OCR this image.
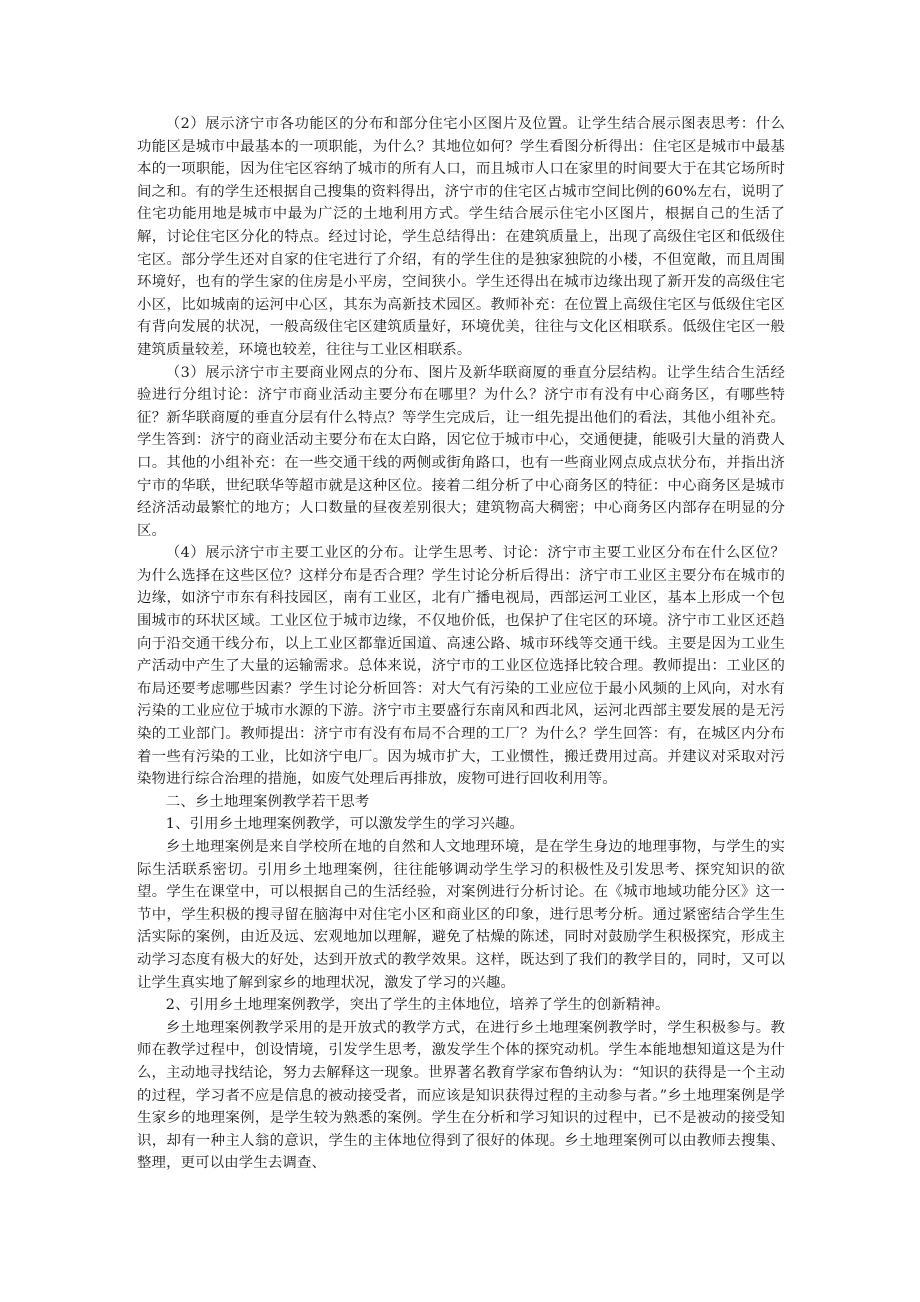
（2）展示济宁市各功能区的分布和部分住宅小区图片及位置。让学生结合展示图表思考：什么功能区是城市中最基本的一项职能，为什么？其地位如何？学生看图分析得出：住宅区是城市中最基本的一项职能，因为住宅区容纳了城市的所有人口，而且城市人口在家里的时间要大于在其它场所时间之和。有的学生还根据自己搜集的资料得出，济宁市的住宅区占城市空间比例的60%左右，说明了住宅功能用地是城市中最为广泛的土地利用方式。学生结合展示住宅小区图片，根据自己的生活了解，讨论住宅区分化的特点。经过讨论，学生总结得出：在建筑质量上，出现了高级住宅区和低级住宅区。部分学生还对自家的住宅进行了介绍，有的学生住的是独家独院的小楼，不但宽敞，而且周围环境好，也有的学生家的住房是小平房，空间狭小。学生还得出在城市边缘出现了新开发的高级住宅小区，比如城南的运河中心区，其东为高新技术园区。教师补充：在位置上高级住宅区与低级住宅区有背向发展的状况，一般高级住宅区建筑质量好，环境优美，往往与文化区相联系。低级住宅区一般建筑质量较差，环境也较差，往往与工业区相联系。

（3）展示济宁市主要商业网点的分布、图片及新华联商厦的垂直分层结构。让学生结合生活经验进行分组讨论：济宁市商业活动主要分布在哪里？为什么？济宁市有没有中心商务区，有哪些特征？新华联商厦的垂直分层有什么特点？等学生完成后，让一组先提出他们的看法，其他小组补充。学生答到：济宁的商业活动主要分布在太白路，因它位于城市中心，交通便捷，能吸引大量的消费人口。其他的小组补充：在一些交通干线的两侧或街角路口，也有一些商业网点成点状分布，并指出济宁市的华联，世纪联华等超市就是这种区位。接着二组分析了中心商务区的特征：中心商务区是城市经济活动最繁忙的地方；人口数量的昼夜差别很大；建筑物高大稠密；中心商务区内部存在明显的分区。

（4）展示济宁市主要工业区的分布。让学生思考、讨论：济宁市主要工业区分布在什么区位？为什么选择在这些区位？这样分布是否合理？学生讨论分析后得出：济宁市工业区主要分布在城市的边缘，如济宁市东有科技园区，南有工业区，北有广播电视局，西部运河工业区，基本上形成一个包围城市的环状区域。工业区位于城市边缘，不仅地价低，也保护了住宅区的环境。济宁市工业区还趋向于沿交通干线分布，以上工业区都靠近国道、高速公路、城市环线等交通干线。主要是因为工业生产活动中产生了大量的运输需求。总体来说，济宁市的工业区位选择比较合理。教师提出：工业区的布局还要考虑哪些因素？学生讨论分析回答：对大气有污染的工业应位于最小风频的上风向，对水有污染的工业应位于城市水源的下游。济宁市主要盛行东南风和西北风，运河北西部主要发展的是无污染的工业部门。教师提出：济宁市有没有布局不合理的工厂？为什么？学生回答：有，在城区内分布着一些有污染的工业，比如济宁电厂。因为城市扩大，工业惯性，搬迁费用过高。并建议对采取对污染物进行综合治理的措施，如废气处理后再排放，废物可进行回收利用等。

二、乡土地理案例教学若干思考

1、引用乡土地理案例教学，可以激发学生的学习兴趣。

乡土地理案例是来自学校所在地的自然和人文地理环境，是在学生身边的地理事物，与学生的实际生活联系密切。引用乡土地理案例，往往能够调动学生学习的积极性及引发思考、探究知识的欲望。学生在课堂中，可以根据自己的生活经验，对案例进行分析讨论。在《城市地域功能分区》这一节中，学生积极的搜寻留在脑海中对住宅小区和商业区的印象，进行思考分析。通过紧密结合学生生活实际的案例，由近及远、宏观地加以理解，避免了枯燥的陈述，同时对鼓励学生积极探究，形成主动学习态度有极大的好处，达到开放式的教学效果。这样，既达到了我们的教学目的，同时，又可以让学生真实地了解到家乡的地理状况，激发了学习的兴趣。

2、引用乡土地理案例教学，突出了学生的主体地位，培养了学生的创新精神。

乡土地理案例教学采用的是开放式的教学方式，在进行乡土地理案例教学时，学生积极参与。教师在教学过程中，创设情境，引发学生思考，激发学生个体的探究动机。学生本能地想知道这是为什么，主动地寻找结论，努力去解释这一现象。世界著名教育学家布鲁纳认为：“知识的获得是一个主动的过程，学习者不应是信息的被动接受者，而应该是知识获得过程的主动参与者。”乡土地理案例是学生家乡的地理案例，是学生较为熟悉的案例。学生在分析和学习知识的过程中，已不是被动的接受知识，却有一种主人翁的意识，学生的主体地位得到了很好的体现。乡土地理案例可以由教师去搜集、整理，更可以由学生去调查、
